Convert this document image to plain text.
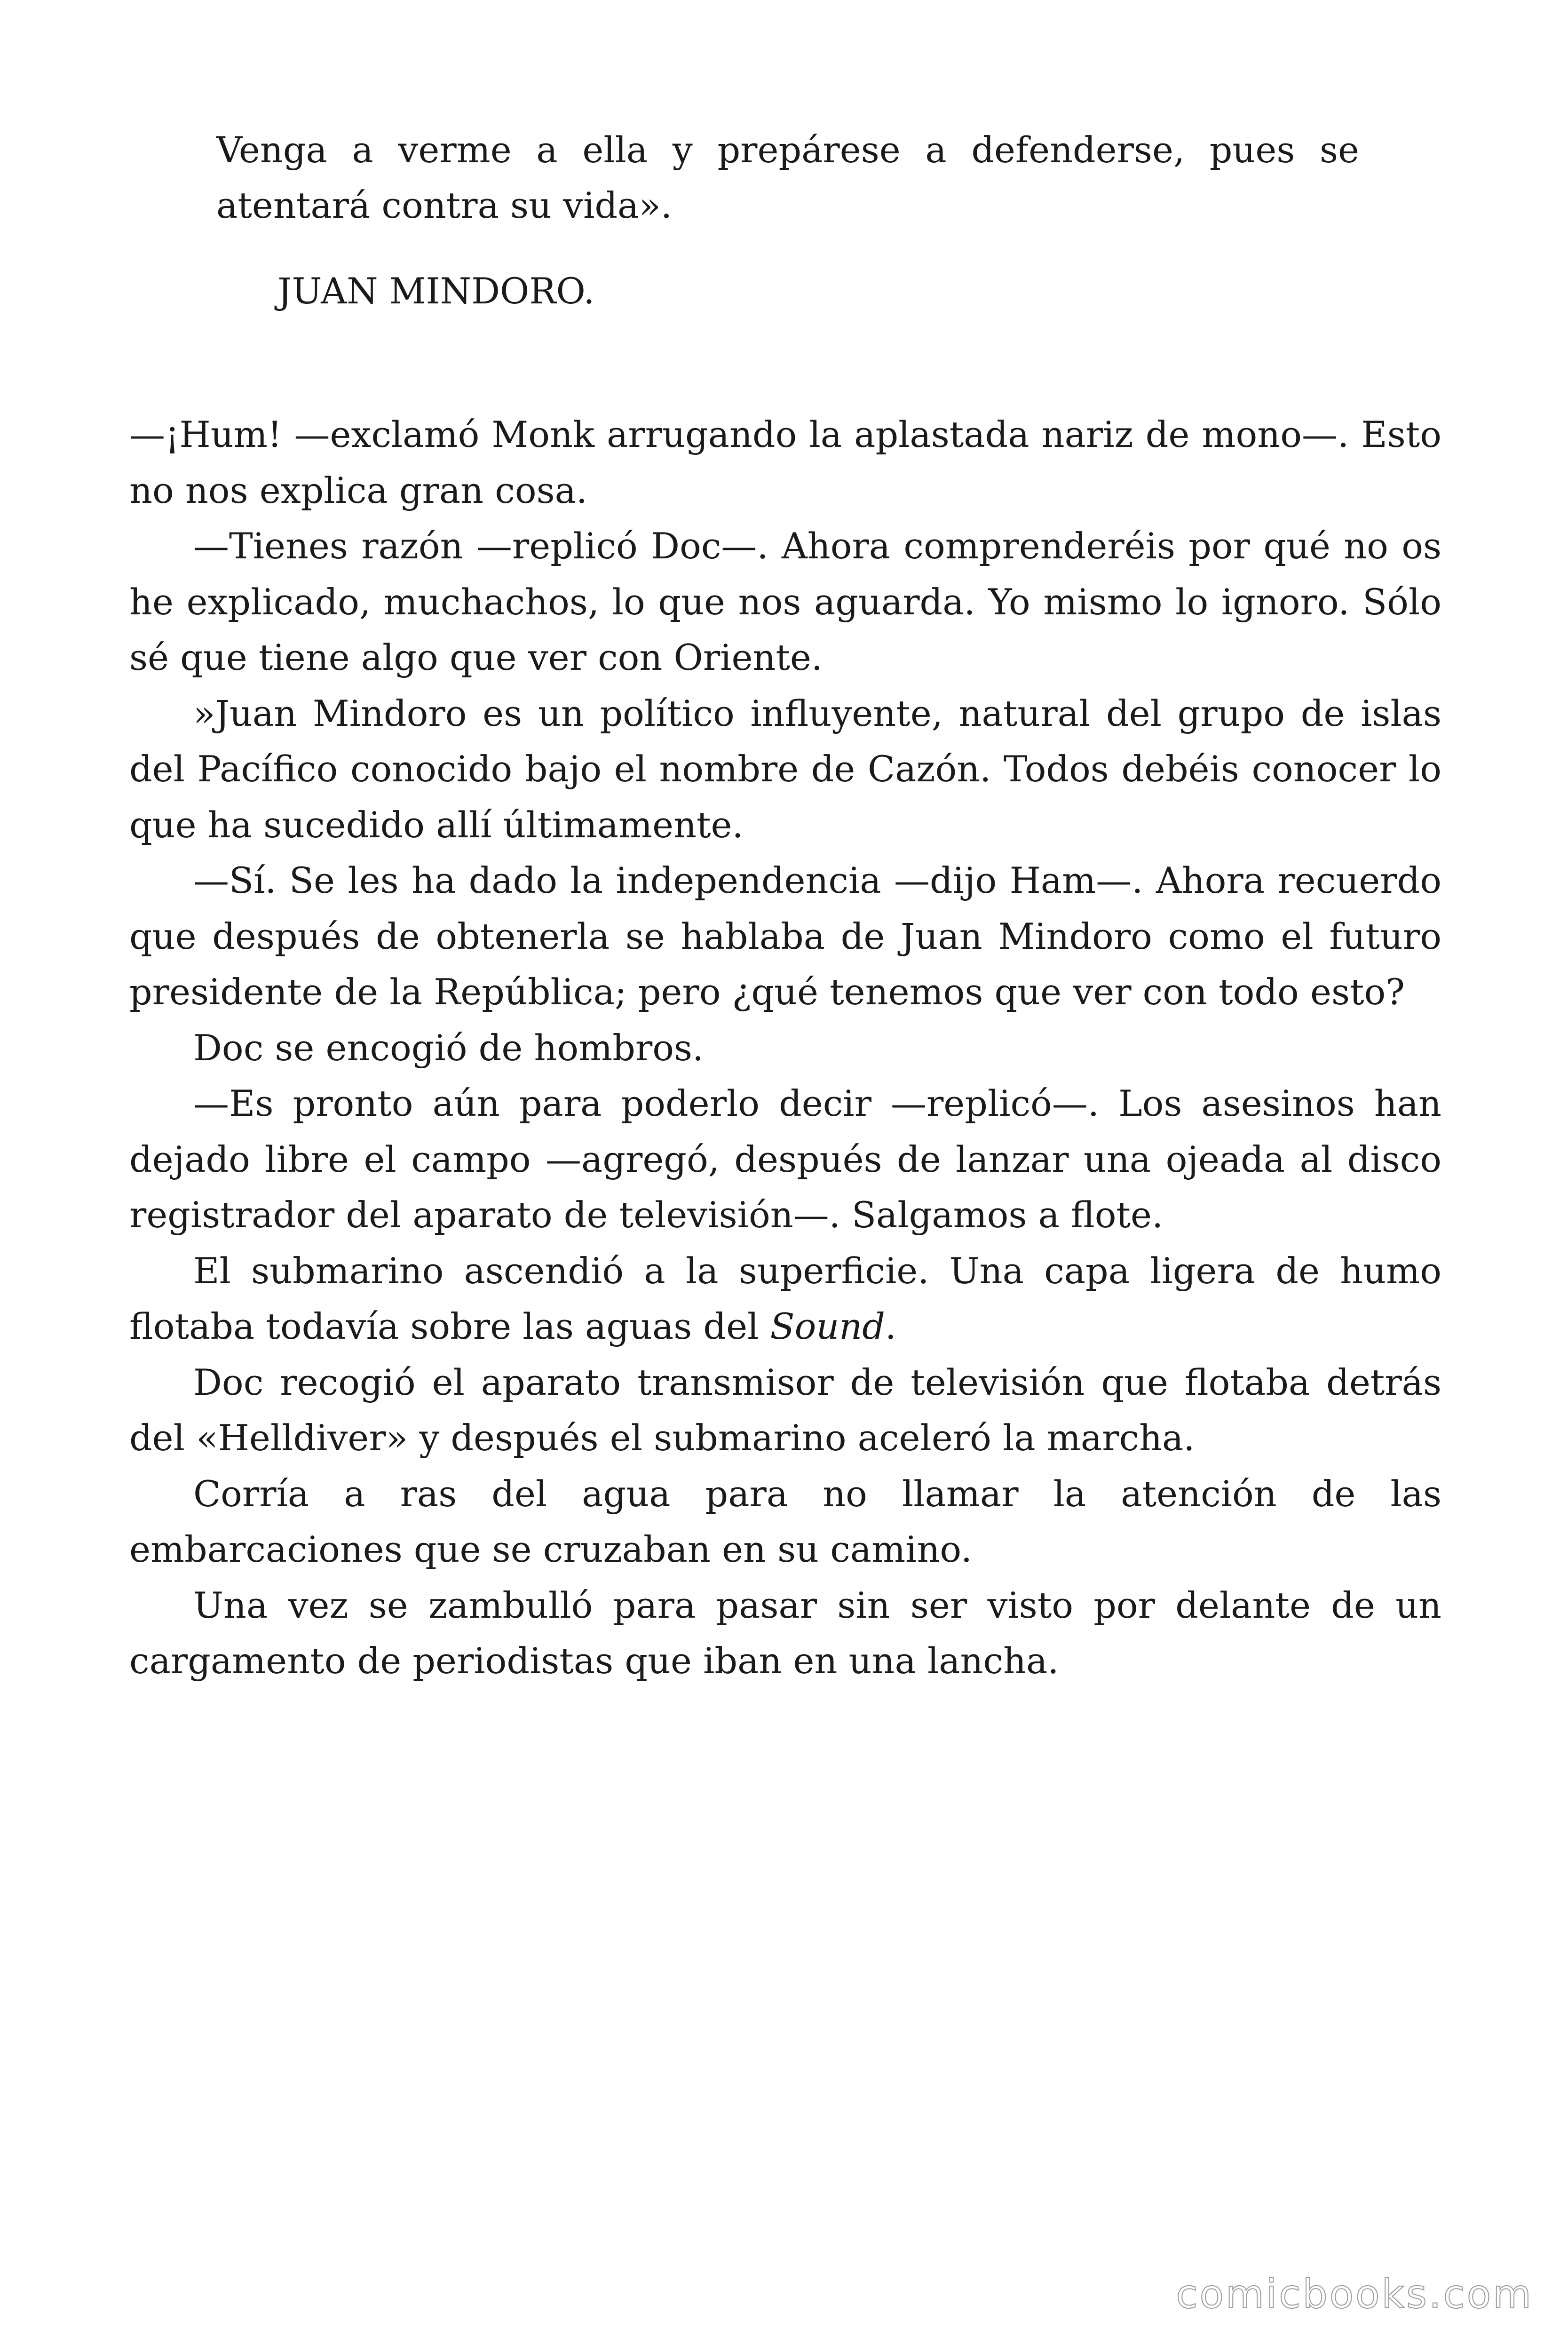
Venga a verme a ella y prepárese a defenderse, pues se atentará contra su vida».

JUAN MINDORO.

—¡Hum! —exclamó Monk arrugando la aplastada nariz de mono—. Esto no nos explica gran cosa.

—Tienes razón —replicó Doc—. Ahora comprenderéis por qué no os he explicado, muchachos, lo que nos aguarda. Yo mismo lo ignoro. Sólo sé que tiene algo que ver con Oriente.

»Juan Mindoro es un político influyente, natural del grupo de islas del Pacífico conocido bajo el nombre de Cazón. Todos debéis conocer lo que ha sucedido allí últimamente.

—Sí. Se les ha dado la independencia —dijo Ham—. Ahora recuerdo que después de obtenerla se hablaba de Juan Mindoro como el futuro presidente de la República; pero ¿qué tenemos que ver con todo esto?

Doc se encogió de hombros.

—Es pronto aún para poderlo decir —replicó—. Los asesinos han dejado libre el campo —agregó, después de lanzar una ojeada al disco registrador del aparato de televisión—. Salgamos a flote.

El submarino ascendió a la superficie. Una capa ligera de humo flotaba todavía sobre las aguas del Sound.

Doc recogió el aparato transmisor de televisión que flotaba detrás del «Helldiver» y después el submarino aceleró la marcha.

Corría a ras del agua para no llamar la atención de las embarcaciones que se cruzaban en su camino.

Una vez se zambulló para pasar sin ser visto por delante de un cargamento de periodistas que iban en una lancha.

comicbooks.com
